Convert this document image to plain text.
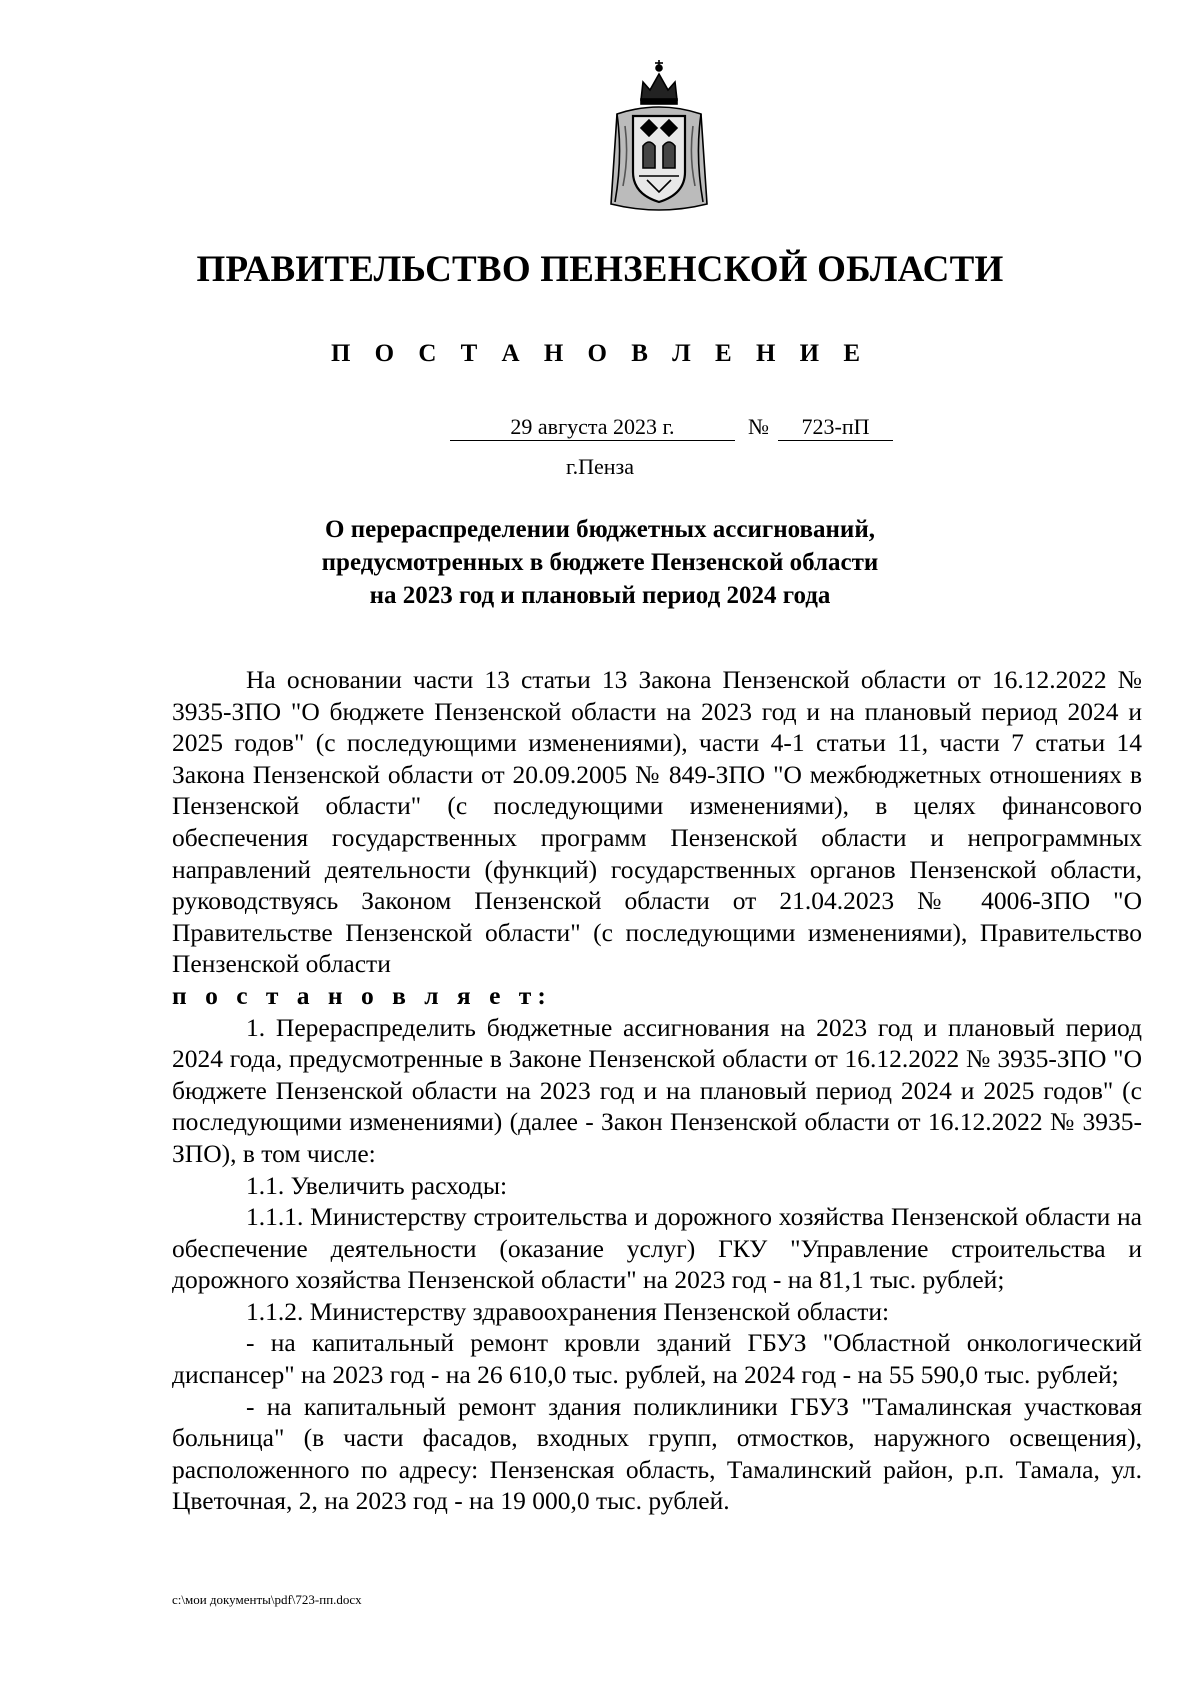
ПРАВИТЕЛЬСТВО ПЕНЗЕНСКОЙ ОБЛАСТИ
П О С Т А Н О В Л Е Н И Е
29 августа 2023 г.	№	723-пП
г.Пенза
О перераспределении бюджетных ассигнований,
предусмотренных в бюджете Пензенской области
на 2023 год и плановый период 2024 года

На основании части 13 статьи 13 Закона Пензенской области от 16.12.2022 № 3935-ЗПО "О бюджете Пензенской области на 2023 год и на плановый период 2024 и 2025 годов" (с последующими изменениями), части 4-1 статьи 11, части 7 статьи 14 Закона Пензенской области от 20.09.2005 № 849-ЗПО "О межбюджетных отношениях в Пензенской области" (с последующими изменениями), в целях финансового обеспечения государственных программ Пензенской области и непрограммных направлений деятельности (функций) государственных органов Пензенской области, руководствуясь Законом Пензенской области от 21.04.2023 № 4006-ЗПО "О Правительстве Пензенской области" (с последующими изменениями), Правительство Пензенской области

п о с т а н о в л я е т:

1. Перераспределить бюджетные ассигнования на 2023 год и плановый период 2024 года, предусмотренные в Законе Пензенской области от 16.12.2022 № 3935-ЗПО "О бюджете Пензенской области на 2023 год и на плановый период 2024 и 2025 годов" (с последующими изменениями) (далее - Закон Пензенской области от 16.12.2022 № 3935-ЗПО), в том числе:

1.1. Увеличить расходы:

1.1.1. Министерству строительства и дорожного хозяйства Пензенской области на обеспечение деятельности (оказание услуг) ГКУ "Управление строительства и дорожного хозяйства Пензенской области" на 2023 год - на 81,1 тыс. рублей;

1.1.2. Министерству здравоохранения Пензенской области:

- на капитальный ремонт кровли зданий ГБУЗ "Областной онкологический диспансер" на 2023 год - на 26 610,0 тыс. рублей, на 2024 год - на 55 590,0 тыс. рублей;

- на капитальный ремонт здания поликлиники ГБУЗ "Тамалинская участковая больница" (в части фасадов, входных групп, отмостков, наружного освещения), расположенного по адресу: Пензенская область, Тамалинский район, р.п. Тамала, ул. Цветочная, 2, на 2023 год - на 19 000,0 тыс. рублей.

c:\мои документы\pdf\723-пп.docx
